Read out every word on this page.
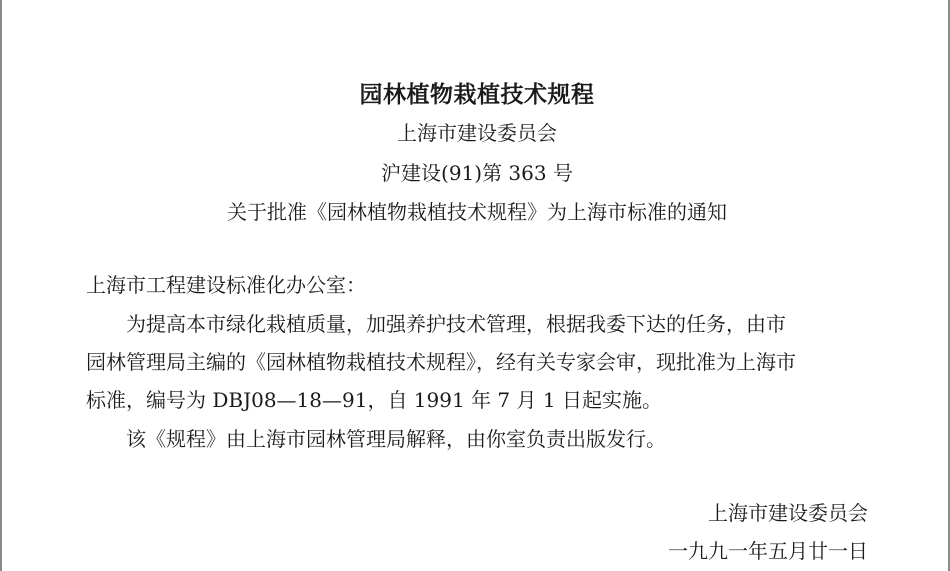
园林植物栽植技术规程
上海市建设委员会
沪建设(91)第 363 号
关于批准《园林植物栽植技术规程》为上海市标准的通知
上海市工程建设标准化办公室：
为提高本市绿化栽植质量，加强养护技术管理，根据我委下达的任务，由市
园林管理局主编的《园林植物栽植技术规程》，经有关专家会审，现批准为上海市
标准，编号为 DBJ08—18—91，自 1991 年 7 月 1 日起实施。
该《规程》由上海市园林管理局解释，由你室负责出版发行。
上海市建设委员会
一九九一年五月廿一日
